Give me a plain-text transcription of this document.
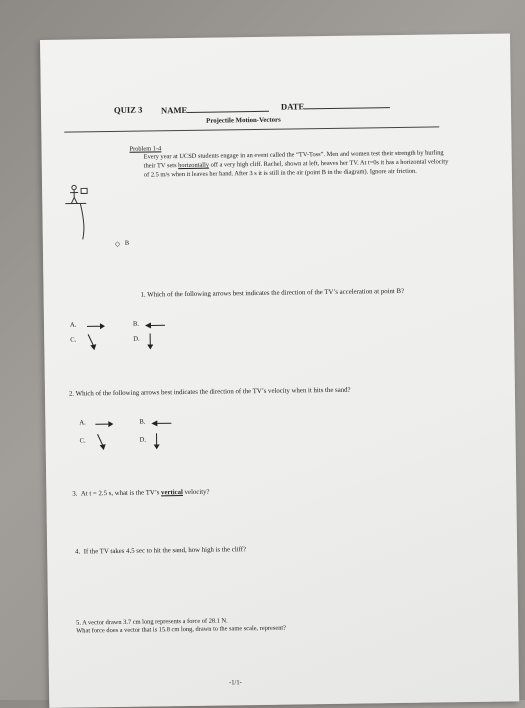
QUIZ 3 NAME	DATE
Projectile Motion-Vectors
Problem 1-4
Every year at UCSD students engage in an event called the “TV-Toss”. Men and women test their strength by hurling their TV sets horizontally off a very high cliff. Rachel, shown at left, heaves her TV. At t=0s it has a horizontal velocity of 2.5 m/s when it leaves her hand. After 3 s it is still in the air (point B in the diagram). Ignore air friction.
◇ B
1. Which of the following arrows best indicates the direction of the TV’s acceleration at point B?
A.	B.
C.	D.
2. Which of the following arrows best indicates the direction of the TV’s velocity when it hits the sand?
A.	B.
C.	D.
3. At t = 2.5 s, what is the TV’s vertical velocity?
4. If the TV takes 4.5 sec to hit the sand, how high is the cliff?
5. A vector drawn 3.7 cm long represents a force of 28.1 N.
What force does a vector that is 15.8 cm long, drawn to the same scale, represent?
-1/1-
